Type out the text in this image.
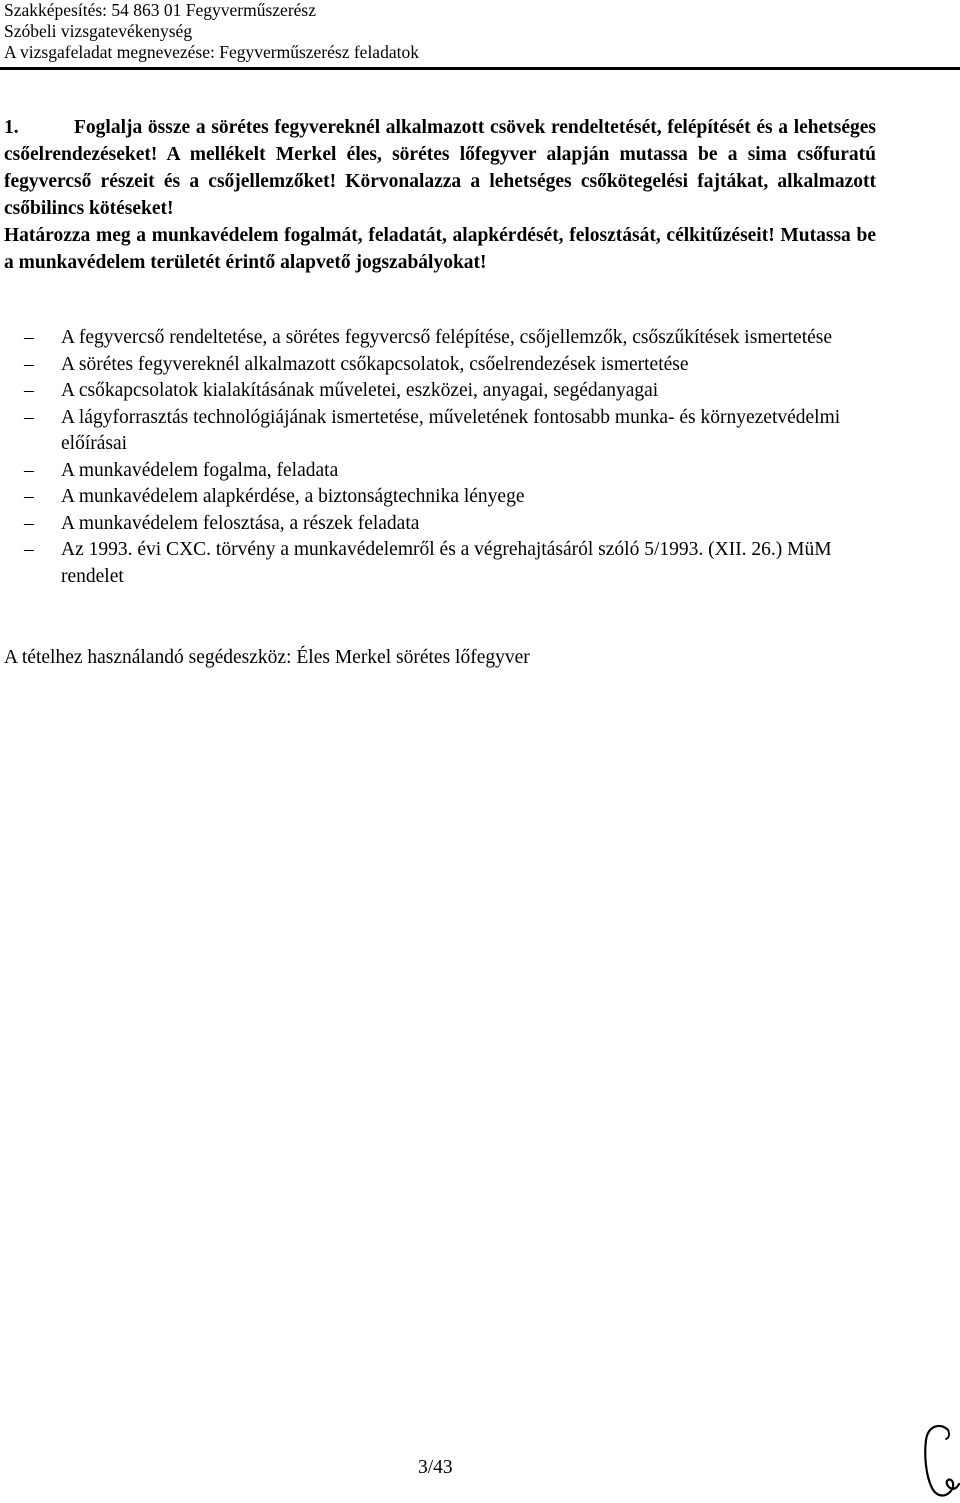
Szakképesítés: 54 863 01 Fegyverműszerész
Szóbeli vizsgatevékenység
A vizsgafeladat megnevezése: Fegyverműszerész feladatok

1.	Foglalja össze a sörétes fegyvereknél alkalmazott csövek rendeltetését, felépítését és a lehetséges csőelrendezéseket! A mellékelt Merkel éles, sörétes lőfegyver alapján mutassa be a sima csőfuratú fegyvercső részeit és a csőjellemzőket! Körvonalazza a lehetséges csőkötegelési fajtákat, alkalmazott csőbilincs kötéseket!

Határozza meg a munkavédelem fogalmát, feladatát, alapkérdését, felosztását, célkitűzéseit! Mutassa be a munkavédelem területét érintő alapvető jogszabályokat!

– A fegyvercső rendeltetése, a sörétes fegyvercső felépítése, csőjellemzők, csőszűkítések ismertetése
– A sörétes fegyvereknél alkalmazott csőkapcsolatok, csőelrendezések ismertetése
– A csőkapcsolatok kialakításának műveletei, eszközei, anyagai, segédanyagai
– A lágyforrasztás technológiájának ismertetése, műveletének fontosabb munka- és környezetvédelmi előírásai
– A munkavédelem fogalma, feladata
– A munkavédelem alapkérdése, a biztonságtechnika lényege
– A munkavédelem felosztása, a részek feladata
– Az 1993. évi CXC. törvény a munkavédelemről és a végrehajtásáról szóló 5/1993. (XII. 26.) MüM rendelet
A tételhez használandó segédeszköz: Éles Merkel sörétes lőfegyver
3/43
